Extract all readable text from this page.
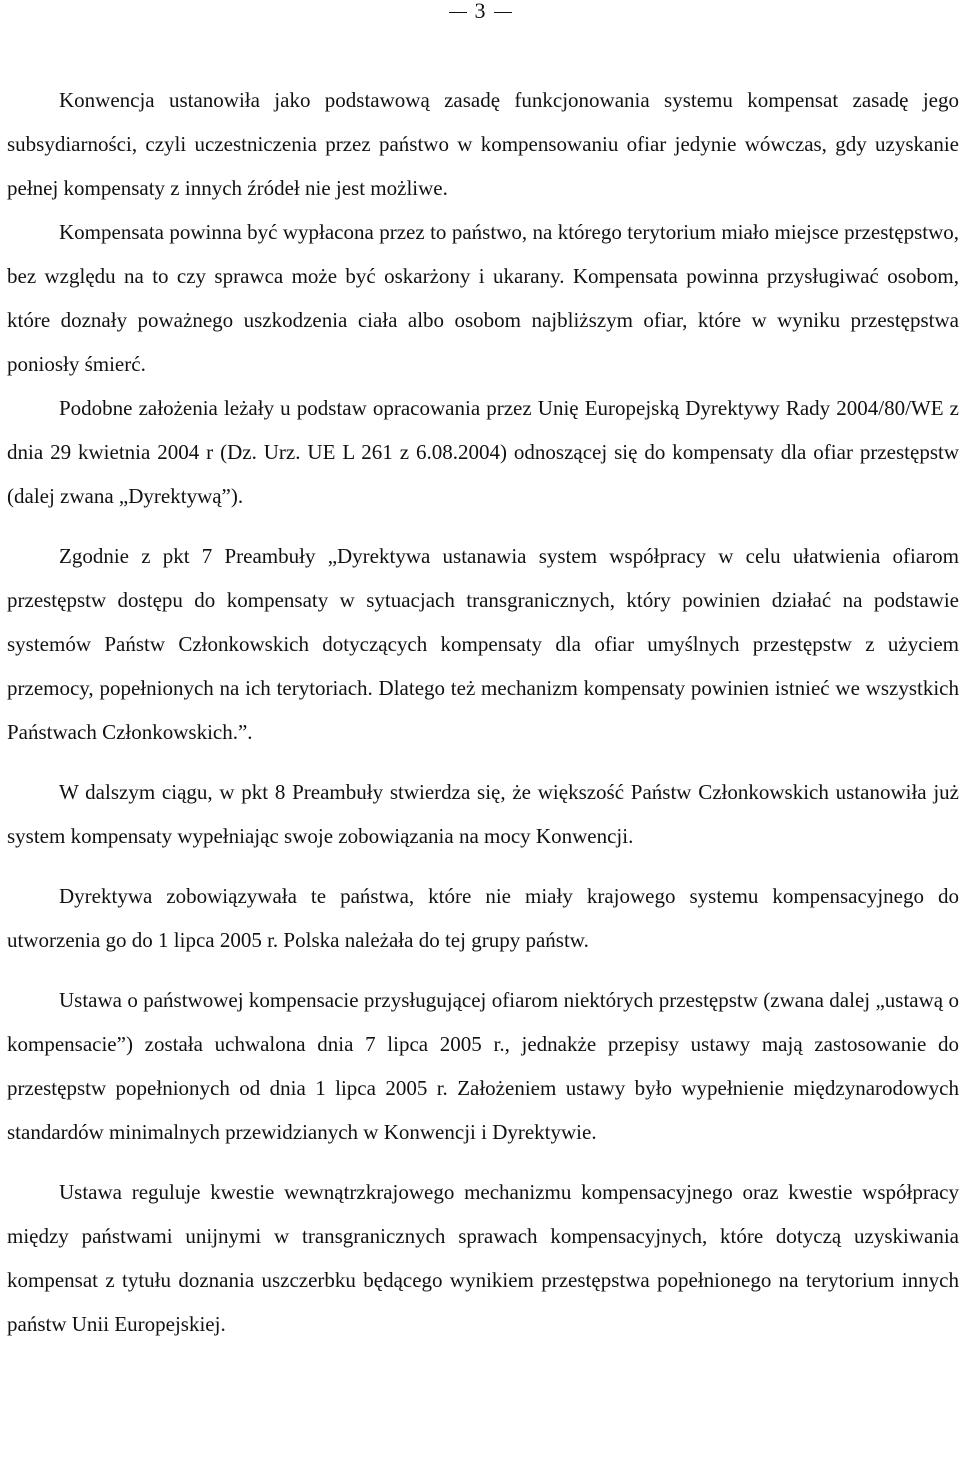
3

Konwencja ustanowiła jako podstawową zasadę funkcjonowania systemu kompensat zasadę jego subsydiarności, czyli uczestniczenia przez państwo w kompensowaniu ofiar jedynie wówczas, gdy uzyskanie pełnej kompensaty z innych źródeł nie jest możliwe.

Kompensata powinna być wypłacona przez to państwo, na którego terytorium miało miejsce przestępstwo, bez względu na to czy sprawca może być oskarżony i ukarany. Kompensata powinna przysługiwać osobom, które doznały poważnego uszkodzenia ciała albo osobom najbliższym ofiar, które w wyniku przestępstwa poniosły śmierć.

Podobne założenia leżały u podstaw opracowania przez Unię Europejską Dyrektywy Rady 2004/80/WE z dnia 29 kwietnia 2004 r (Dz. Urz. UE L 261 z 6.08.2004) odnoszącej się do kompensaty dla ofiar przestępstw (dalej zwana „Dyrektywą”).

Zgodnie z pkt 7 Preambuły „Dyrektywa ustanawia system współpracy w celu ułatwienia ofiarom przestępstw dostępu do kompensaty w sytuacjach transgranicznych, który powinien działać na podstawie systemów Państw Członkowskich dotyczących kompensaty dla ofiar umyślnych przestępstw z użyciem przemocy, popełnionych na ich terytoriach. Dlatego też mechanizm kompensaty powinien istnieć we wszystkich Państwach Członkowskich.”.

W dalszym ciągu, w pkt 8 Preambuły stwierdza się, że większość Państw Członkowskich ustanowiła już system kompensaty wypełniając swoje zobowiązania na mocy Konwencji.

Dyrektywa zobowiązywała te państwa, które nie miały krajowego systemu kompensacyjnego do utworzenia go do 1 lipca 2005 r. Polska należała do tej grupy państw.

Ustawa o państwowej kompensacie przysługującej ofiarom niektórych przestępstw (zwana dalej „ustawą o kompensacie”) została uchwalona dnia 7 lipca 2005 r., jednakże przepisy ustawy mają zastosowanie do przestępstw popełnionych od dnia 1 lipca 2005 r. Założeniem ustawy było wypełnienie międzynarodowych standardów minimalnych przewidzianych w Konwencji i Dyrektywie.

Ustawa reguluje kwestie wewnątrzkrajowego mechanizmu kompensacyjnego oraz kwestie współpracy między państwami unijnymi w transgranicznych sprawach kompensacyjnych, które dotyczą uzyskiwania kompensat z tytułu doznania uszczerbku będącego wynikiem przestępstwa popełnionego na terytorium innych państw Unii Europejskiej.
